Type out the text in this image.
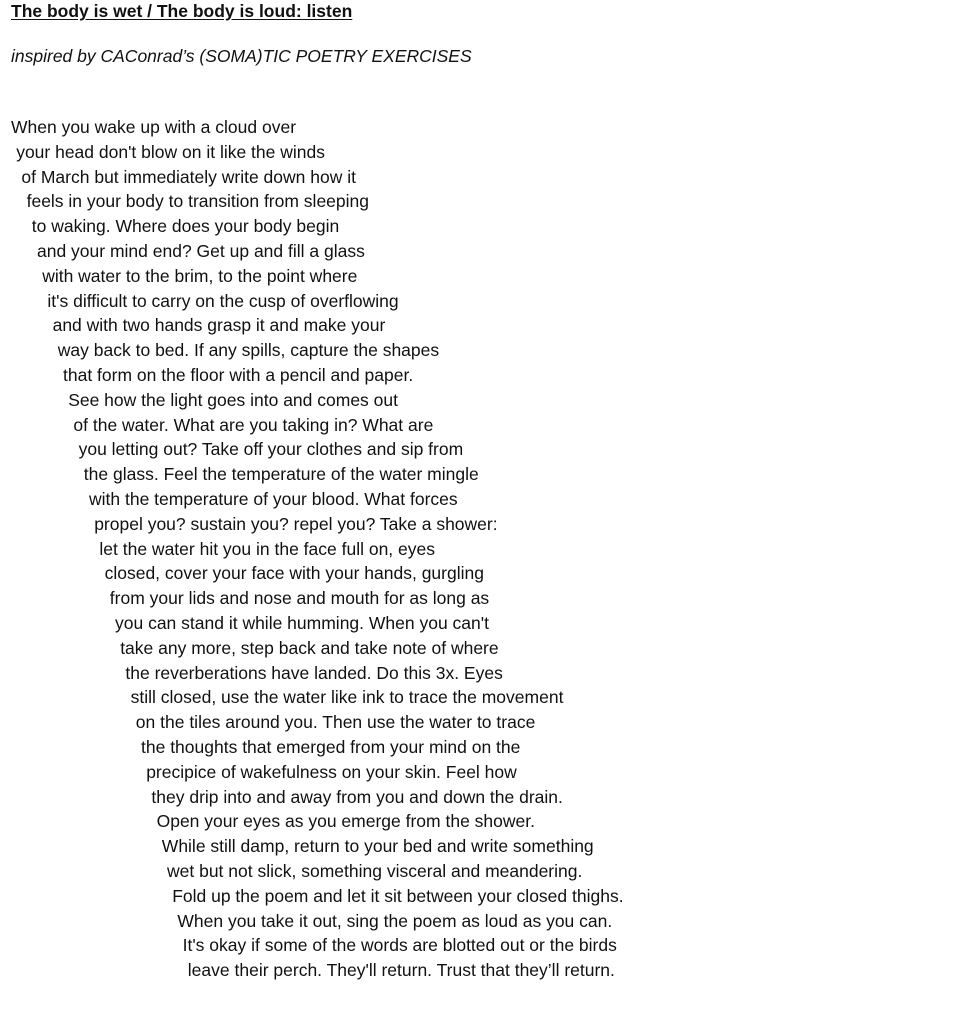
The body is wet / The body is loud: listen

inspired by CAConrad’s (SOMA)TIC POETRY EXERCISES

When you wake up with a cloud over
your head don't blow on it like the winds
of March but immediately write down how it
feels in your body to transition from sleeping
to waking. Where does your body begin
and your mind end? Get up and fill a glass
with water to the brim, to the point where
it's difficult to carry on the cusp of overflowing
and with two hands grasp it and make your
way back to bed. If any spills, capture the shapes
that form on the floor with a pencil and paper.
See how the light goes into and comes out
of the water. What are you taking in? What are
you letting out? Take off your clothes and sip from
the glass. Feel the temperature of the water mingle
with the temperature of your blood. What forces
propel you? sustain you? repel you? Take a shower:
let the water hit you in the face full on, eyes
closed, cover your face with your hands, gurgling
from your lids and nose and mouth for as long as
you can stand it while humming. When you can't
take any more, step back and take note of where
the reverberations have landed. Do this 3x. Eyes
still closed, use the water like ink to trace the movement
on the tiles around you. Then use the water to trace
the thoughts that emerged from your mind on the
precipice of wakefulness on your skin. Feel how
they drip into and away from you and down the drain.
Open your eyes as you emerge from the shower.
While still damp, return to your bed and write something
wet but not slick, something visceral and meandering.
Fold up the poem and let it sit between your closed thighs.
When you take it out, sing the poem as loud as you can.
It's okay if some of the words are blotted out or the birds
leave their perch. They'll return. Trust that they’ll return.
